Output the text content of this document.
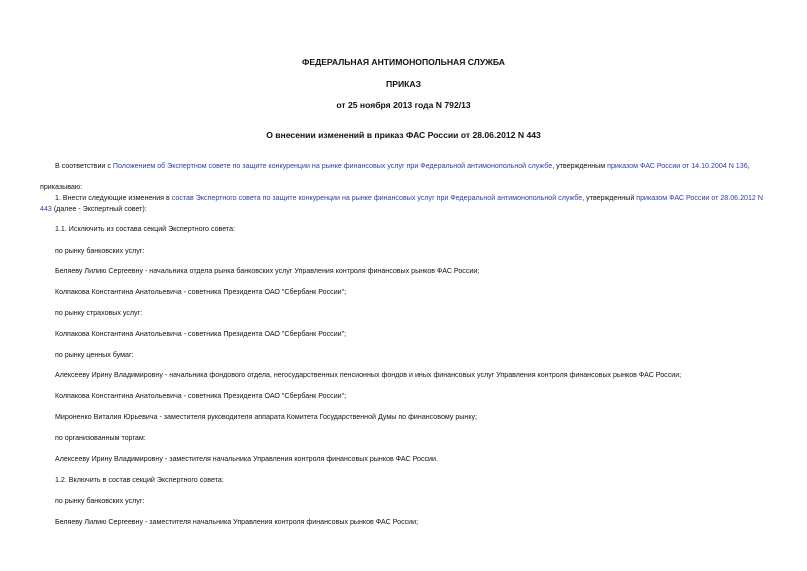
ФЕДЕРАЛЬНАЯ АНТИМОНОПОЛЬНАЯ СЛУЖБА
ПРИКАЗ
от 25 ноября 2013 года N 792/13
О внесении изменений в приказ ФАС России от 28.06.2012 N 443
В соответствии с Положением об Экспертном совете по защите конкуренции на рынке финансовых услуг при Федеральной антимонопольной службе, утвержденным приказом ФАС России от 14.10.2004 N 136,
приказываю:
1. Внести следующие изменения в состав Экспертного совета по защите конкуренции на рынке финансовых услуг при Федеральной антимонопольной службе, утвержденный приказом ФАС России от 28.06.2012 N
443 (далее - Экспертный совет):
1.1. Исключить из состава секций Экспертного совета:
по рынку банковских услуг:
Беляеву Лилию Сергеевну - начальника отдела рынка банковских услуг Управления контроля финансовых рынков ФАС России;
Колпакова Константина Анатольевича - советника Президента ОАО "Сбербанк России";
по рынку страховых услуг:
Колпакова Константина Анатольевича - советника Президента ОАО "Сбербанк России";
по рынку ценных бумаг:
Алексееву Ирину Владимировну - начальника фондового отдела, негосударственных пенсионных фондов и иных финансовых услуг Управления контроля финансовых рынков ФАС России;
Колпакова Константина Анатольевича - советника Президента ОАО "Сбербанк России";
Мироненко Виталия Юрьевича - заместителя руководителя аппарата Комитета Государственной Думы по финансовому рынку;
по организованным торгам:
Алексееву Ирину Владимировну - заместителя начальника Управления контроля финансовых рынков ФАС России.
1.2. Включить в состав секций Экспертного совета:
по рынку банковских услуг:
Беляеву Лилию Сергеевну - заместителя начальника Управления контроля финансовых рынков ФАС России;
